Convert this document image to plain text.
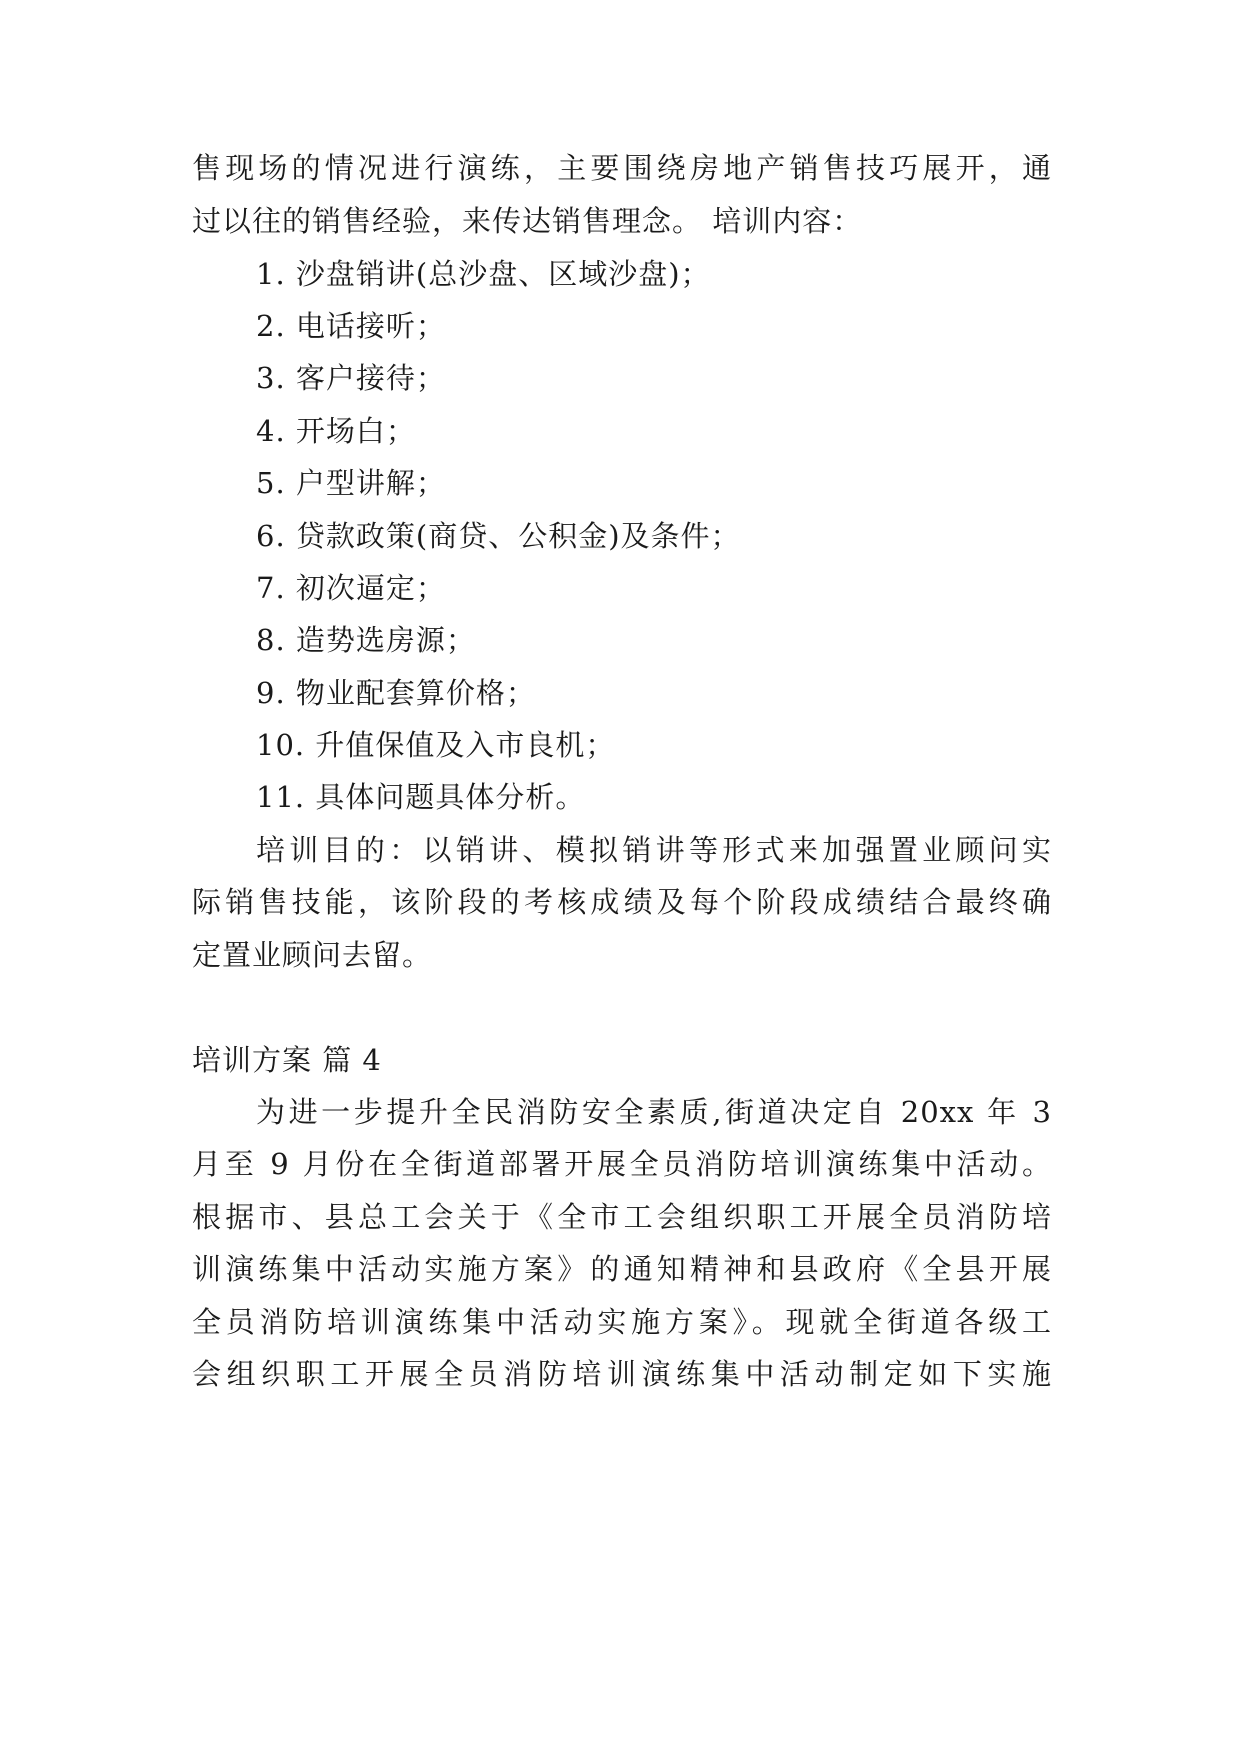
售现场的情况进行演练，主要围绕房地产销售技巧展开，通
过以往的销售经验，来传达销售理念。 培训内容：
1. 沙盘销讲(总沙盘、区域沙盘)；
2. 电话接听；
3. 客户接待；
4. 开场白；
5. 户型讲解；
6. 贷款政策(商贷、公积金)及条件；
7. 初次逼定；
8. 造势选房源；
9. 物业配套算价格；
10. 升值保值及入市良机；
11. 具体问题具体分析。
培训目的：以销讲、模拟销讲等形式来加强置业顾问实
际销售技能，该阶段的考核成绩及每个阶段成绩结合最终确
定置业顾问去留。
培训方案 篇 4
为进一步提升全民消防安全素质,街道决定自 20xx 年 3
月至 9 月份在全街道部署开展全员消防培训演练集中活动。
根据市、县总工会关于《全市工会组织职工开展全员消防培
训演练集中活动实施方案》的通知精神和县政府《全县开展
全员消防培训演练集中活动实施方案》。现就全街道各级工
会组织职工开展全员消防培训演练集中活动制定如下实施
